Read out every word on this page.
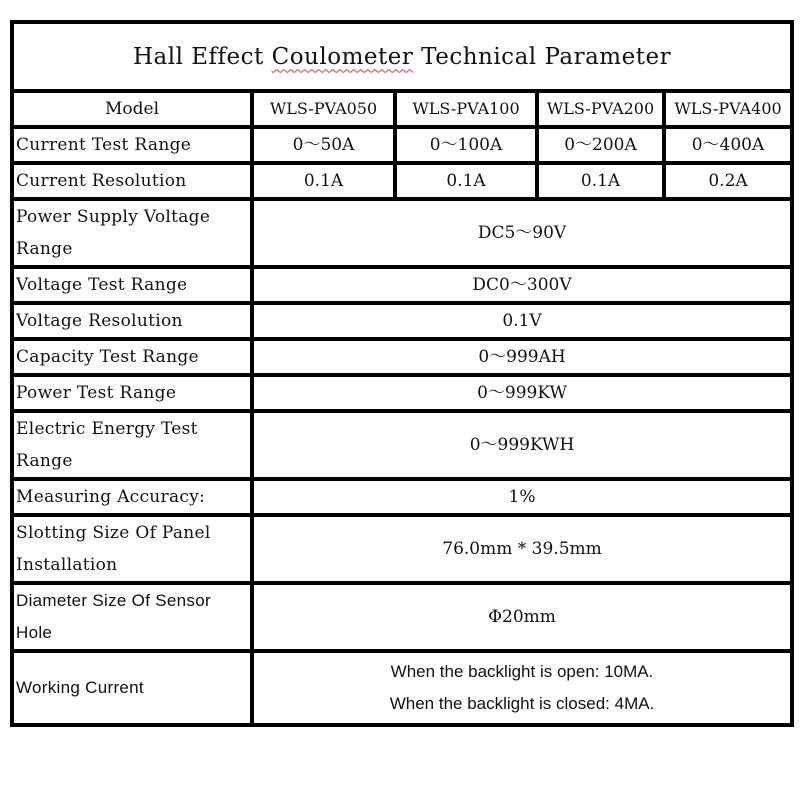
Hall Effect Coulometer Technical Parameter				
Model	WLS-PVA050	WLS-PVA100	WLS-PVA200	WLS-PVA400
Current Test Range	0～50A	0～100A	0～200A	0～400A
Current Resolution	0.1A	0.1A	0.1A	0.2A
Power Supply Voltage Range	DC5～90V			
Voltage Test Range	DC0～300V			
Voltage Resolution	0.1V			
Capacity Test Range	0～999AH			
Power Test Range	0～999KW			
Electric Energy Test Range	0～999KWH			
Measuring Accuracy:	1%			
Slotting Size Of Panel Installation	76.0mm * 39.5mm			
Diameter Size Of Sensor Hole	Φ20mm			
Working Current	When the backlight is open: 10MA.
When the backlight is closed: 4MA.			
